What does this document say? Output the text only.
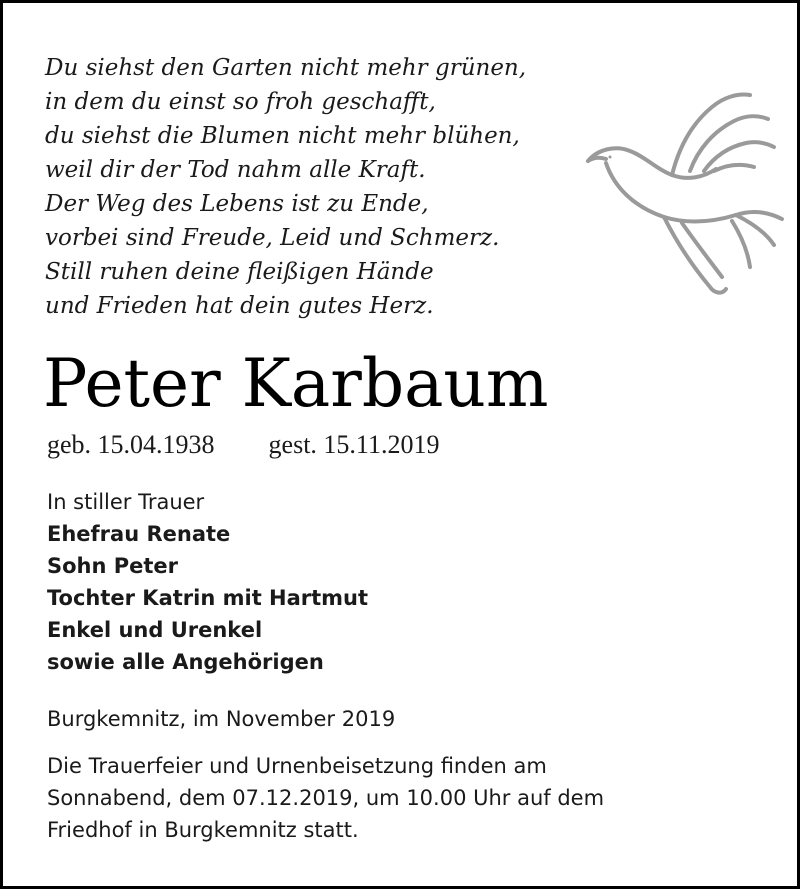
Du siehst den Garten nicht mehr grünen,
in dem du einst so froh geschafft,
du siehst die Blumen nicht mehr blühen,
weil dir der Tod nahm alle Kraft.
Der Weg des Lebens ist zu Ende,
vorbei sind Freude, Leid und Schmerz.
Still ruhen deine fleißigen Hände
und Frieden hat dein gutes Herz.
Peter Karbaum
geb. 15.04.1938 gest. 15.11.2019
In stiller Trauer
Ehefrau Renate
Sohn Peter
Tochter Katrin mit Hartmut
Enkel und Urenkel
sowie alle Angehörigen
Burgkemnitz, im November 2019
Die Trauerfeier und Urnenbeisetzung finden am
Sonnabend, dem 07.12.2019, um 10.00 Uhr auf dem
Friedhof in Burgkemnitz statt.
